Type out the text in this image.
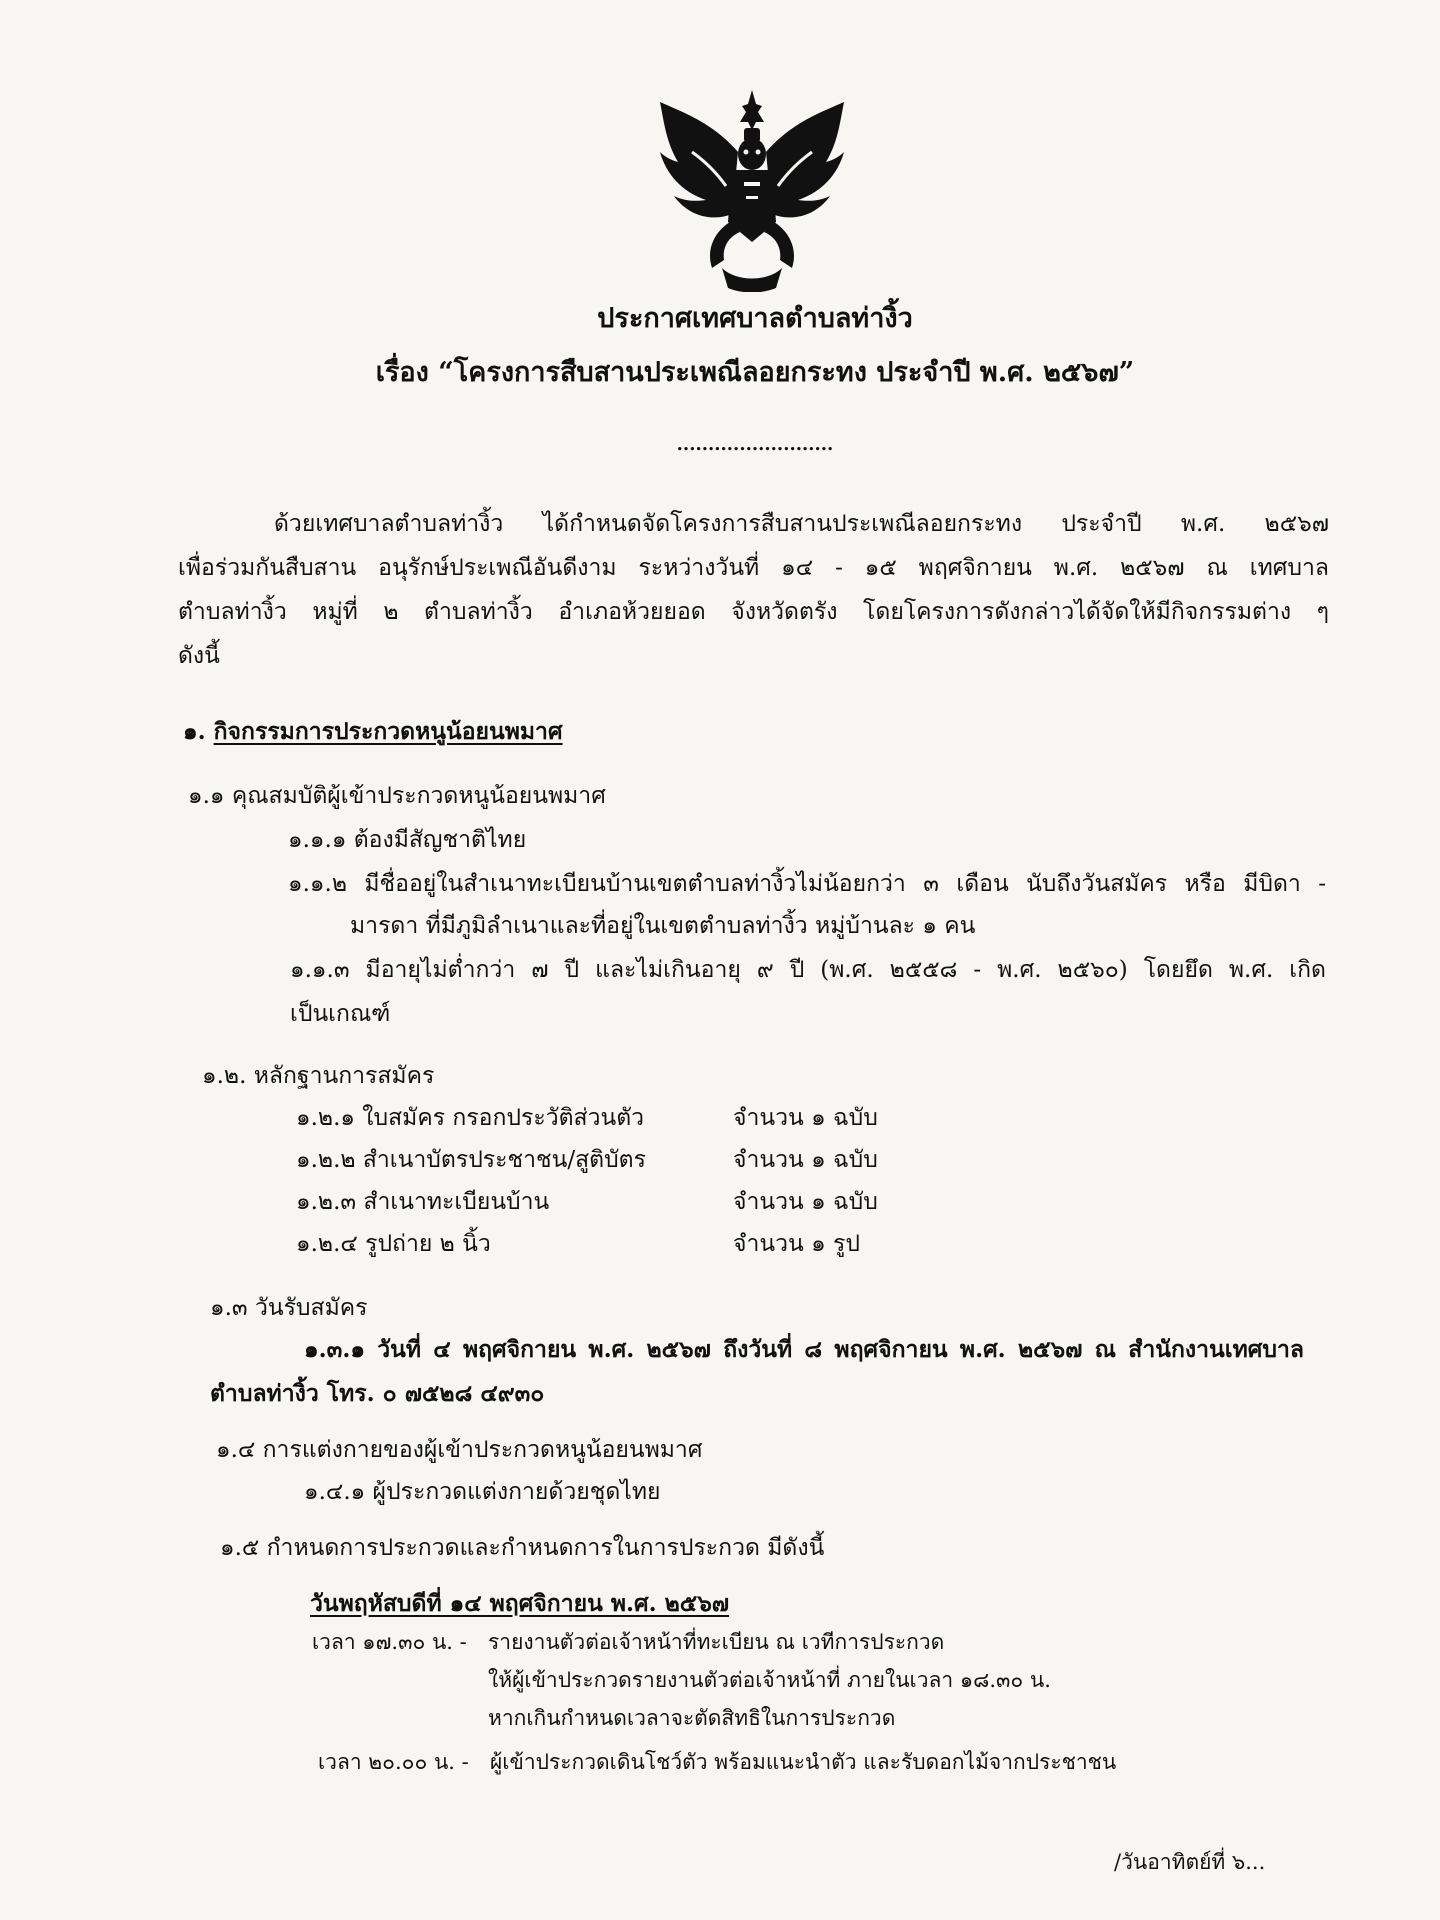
ประกาศเทศบาลตำบลท่างิ้ว
เรื่อง “โครงการสืบสานประเพณีลอยกระทง ประจำปี พ.ศ. ๒๕๖๗”
.........................
ด้วยเทศบาลตำบลท่างิ้ว ได้กำหนดจัดโครงการสืบสานประเพณีลอยกระทง ประจำปี พ.ศ. ๒๕๖๗
เพื่อร่วมกันสืบสาน อนุรักษ์ประเพณีอันดีงาม ระหว่างวันที่ ๑๔ - ๑๕ พฤศจิกายน พ.ศ. ๒๕๖๗ ณ เทศบาล
ตำบลท่างิ้ว หมู่ที่ ๒ ตำบลท่างิ้ว อำเภอห้วยยอด จังหวัดตรัง โดยโครงการดังกล่าวได้จัดให้มีกิจกรรมต่าง ๆ
ดังนี้
๑. กิจกรรมการประกวดหนูน้อยนพมาศ
๑.๑ คุณสมบัติผู้เข้าประกวดหนูน้อยนพมาศ
๑.๑.๑ ต้องมีสัญชาติไทย
๑.๑.๒ มีชื่ออยู่ในสำเนาทะเบียนบ้านเขตตำบลท่างิ้วไม่น้อยกว่า ๓ เดือน นับถึงวันสมัคร หรือ มีบิดา -
มารดา ที่มีภูมิลำเนาและที่อยู่ในเขตตำบลท่างิ้ว หมู่บ้านละ ๑ คน
๑.๑.๓ มีอายุไม่ต่ำกว่า ๗ ปี และไม่เกินอายุ ๙ ปี (พ.ศ. ๒๕๕๘ - พ.ศ. ๒๕๖๐) โดยยึด พ.ศ. เกิด
เป็นเกณฑ์
๑.๒. หลักฐานการสมัคร
๑.๒.๑ ใบสมัคร กรอกประวัติส่วนตัว	จำนวน ๑ ฉบับ
๑.๒.๒ สำเนาบัตรประชาชน/สูติบัตร	จำนวน ๑ ฉบับ
๑.๒.๓ สำเนาทะเบียนบ้าน	จำนวน ๑ ฉบับ
๑.๒.๔ รูปถ่าย ๒ นิ้ว	จำนวน ๑ รูป
๑.๓ วันรับสมัคร
๑.๓.๑ วันที่ ๔ พฤศจิกายน พ.ศ. ๒๕๖๗ ถึงวันที่ ๘ พฤศจิกายน พ.ศ. ๒๕๖๗ ณ สำนักงานเทศบาล
ตำบลท่างิ้ว โทร. ๐ ๗๕๒๘ ๔๙๓๐
๑.๔ การแต่งกายของผู้เข้าประกวดหนูน้อยนพมาศ
๑.๔.๑ ผู้ประกวดแต่งกายด้วยชุดไทย
๑.๕ กำหนดการประกวดและกำหนดการในการประกวด มีดังนี้
วันพฤหัสบดีที่ ๑๔ พฤศจิกายน พ.ศ. ๒๕๖๗
เวลา ๑๗.๓๐ น. - รายงานตัวต่อเจ้าหน้าที่ทะเบียน ณ เวทีการประกวด
ให้ผู้เข้าประกวดรายงานตัวต่อเจ้าหน้าที่ ภายในเวลา ๑๘.๓๐ น.
หากเกินกำหนดเวลาจะตัดสิทธิในการประกวด
เวลา ๒๐.๐๐ น. - ผู้เข้าประกวดเดินโชว์ตัว พร้อมแนะนำตัว และรับดอกไม้จากประชาชน
/วันอาทิตย์ที่ ๖...
